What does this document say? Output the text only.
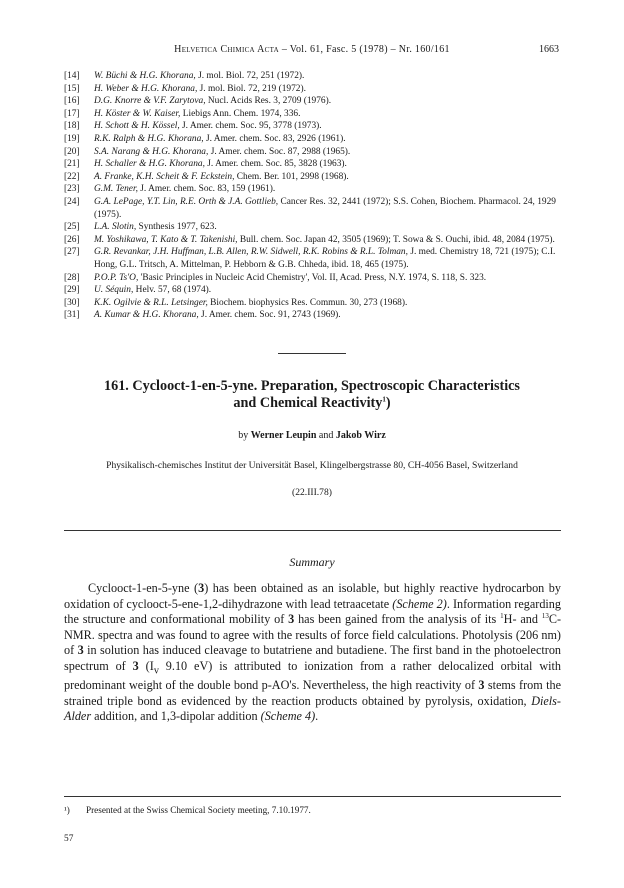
Helvetica Chimica Acta – Vol. 61, Fasc. 5 (1978) – Nr. 160/161	1663
[14] W. Büchi & H.G. Khorana, J. mol. Biol. 72, 251 (1972).
[15] H. Weber & H.G. Khorana, J. mol. Biol. 72, 219 (1972).
[16] D.G. Knorre & V.F. Zarytova, Nucl. Acids Res. 3, 2709 (1976).
[17] H. Köster & W. Kaiser, Liebigs Ann. Chem. 1974, 336.
[18] H. Schott & H. Kössel, J. Amer. chem. Soc. 95, 3778 (1973).
[19] R.K. Ralph & H.G. Khorana, J. Amer. chem. Soc. 83, 2926 (1961).
[20] S.A. Narang & H.G. Khorana, J. Amer. chem. Soc. 87, 2988 (1965).
[21] H. Schaller & H.G. Khorana, J. Amer. chem. Soc. 85, 3828 (1963).
[22] A. Franke, K.H. Scheit & F. Eckstein, Chem. Ber. 101, 2998 (1968).
[23] G.M. Tener, J. Amer. chem. Soc. 83, 159 (1961).
[24] G.A. LePage, Y.T. Lin, R.E. Orth & J.A. Gottlieb, Cancer Res. 32, 2441 (1972); S.S. Cohen, Biochem. Pharmacol. 24, 1929 (1975).
[25] L.A. Slotin, Synthesis 1977, 623.
[26] M. Yoshikawa, T. Kato & T. Takenishi, Bull. chem. Soc. Japan 42, 3505 (1969); T. Sowa & S. Ouchi, ibid. 48, 2084 (1975).
[27] G.R. Revankar, J.H. Huffman, L.B. Allen, R.W. Sidwell, R.K. Robins & R.L. Tolman, J. med. Chemistry 18, 721 (1975); C.I. Hong, G.L. Tritsch, A. Mittelman, P. Hebborn & G.B. Chheda, ibid. 18, 465 (1975).
[28] P.O.P. Ts'O, 'Basic Principles in Nucleic Acid Chemistry', Vol. II, Acad. Press, N.Y. 1974, S. 118, S. 323.
[29] U. Séquin, Helv. 57, 68 (1974).
[30] K.K. Ogilvie & R.L. Letsinger, Biochem. biophysics Res. Commun. 30, 273 (1968).
[31] A. Kumar & H.G. Khorana, J. Amer. chem. Soc. 91, 2743 (1969).
161. Cyclooct-1-en-5-yne. Preparation, Spectroscopic Characteristics
and Chemical Reactivity$^1$)
by Werner Leupin and Jakob Wirz
Physikalisch-chemisches Institut der Universität Basel, Klingelbergstrasse 80, CH-4056 Basel, Switzerland
(22.III.78)
Summary

Cyclooct-1-en-5-yne (3) has been obtained as an isolable, but highly reactive hydrocarbon by oxidation of cyclooct-5-ene-1,2-dihydrazone with lead tetraacetate (Scheme 2). Information regarding the structure and conformational mobility of 3 has been gained from the analysis of its $^1$H- and $^{13}$C-NMR. spectra and was found to agree with the results of force field calculations. Photolysis (206 nm) of 3 in solution has induced cleavage to butatriene and butadiene. The first band in the photoelectron spectrum of 3 ($I_v$ 9.10 eV) is attributed to ionization from a rather delocalized orbital with predominant weight of the double bond p-AO's. Nevertheless, the high reactivity of 3 stems from the strained triple bond as evidenced by the reaction products obtained by pyrolysis, oxidation, Diels-Alder addition, and 1,3-dipolar addition (Scheme 4).

¹) Presented at the Swiss Chemical Society meeting, 7.10.1977.
57
